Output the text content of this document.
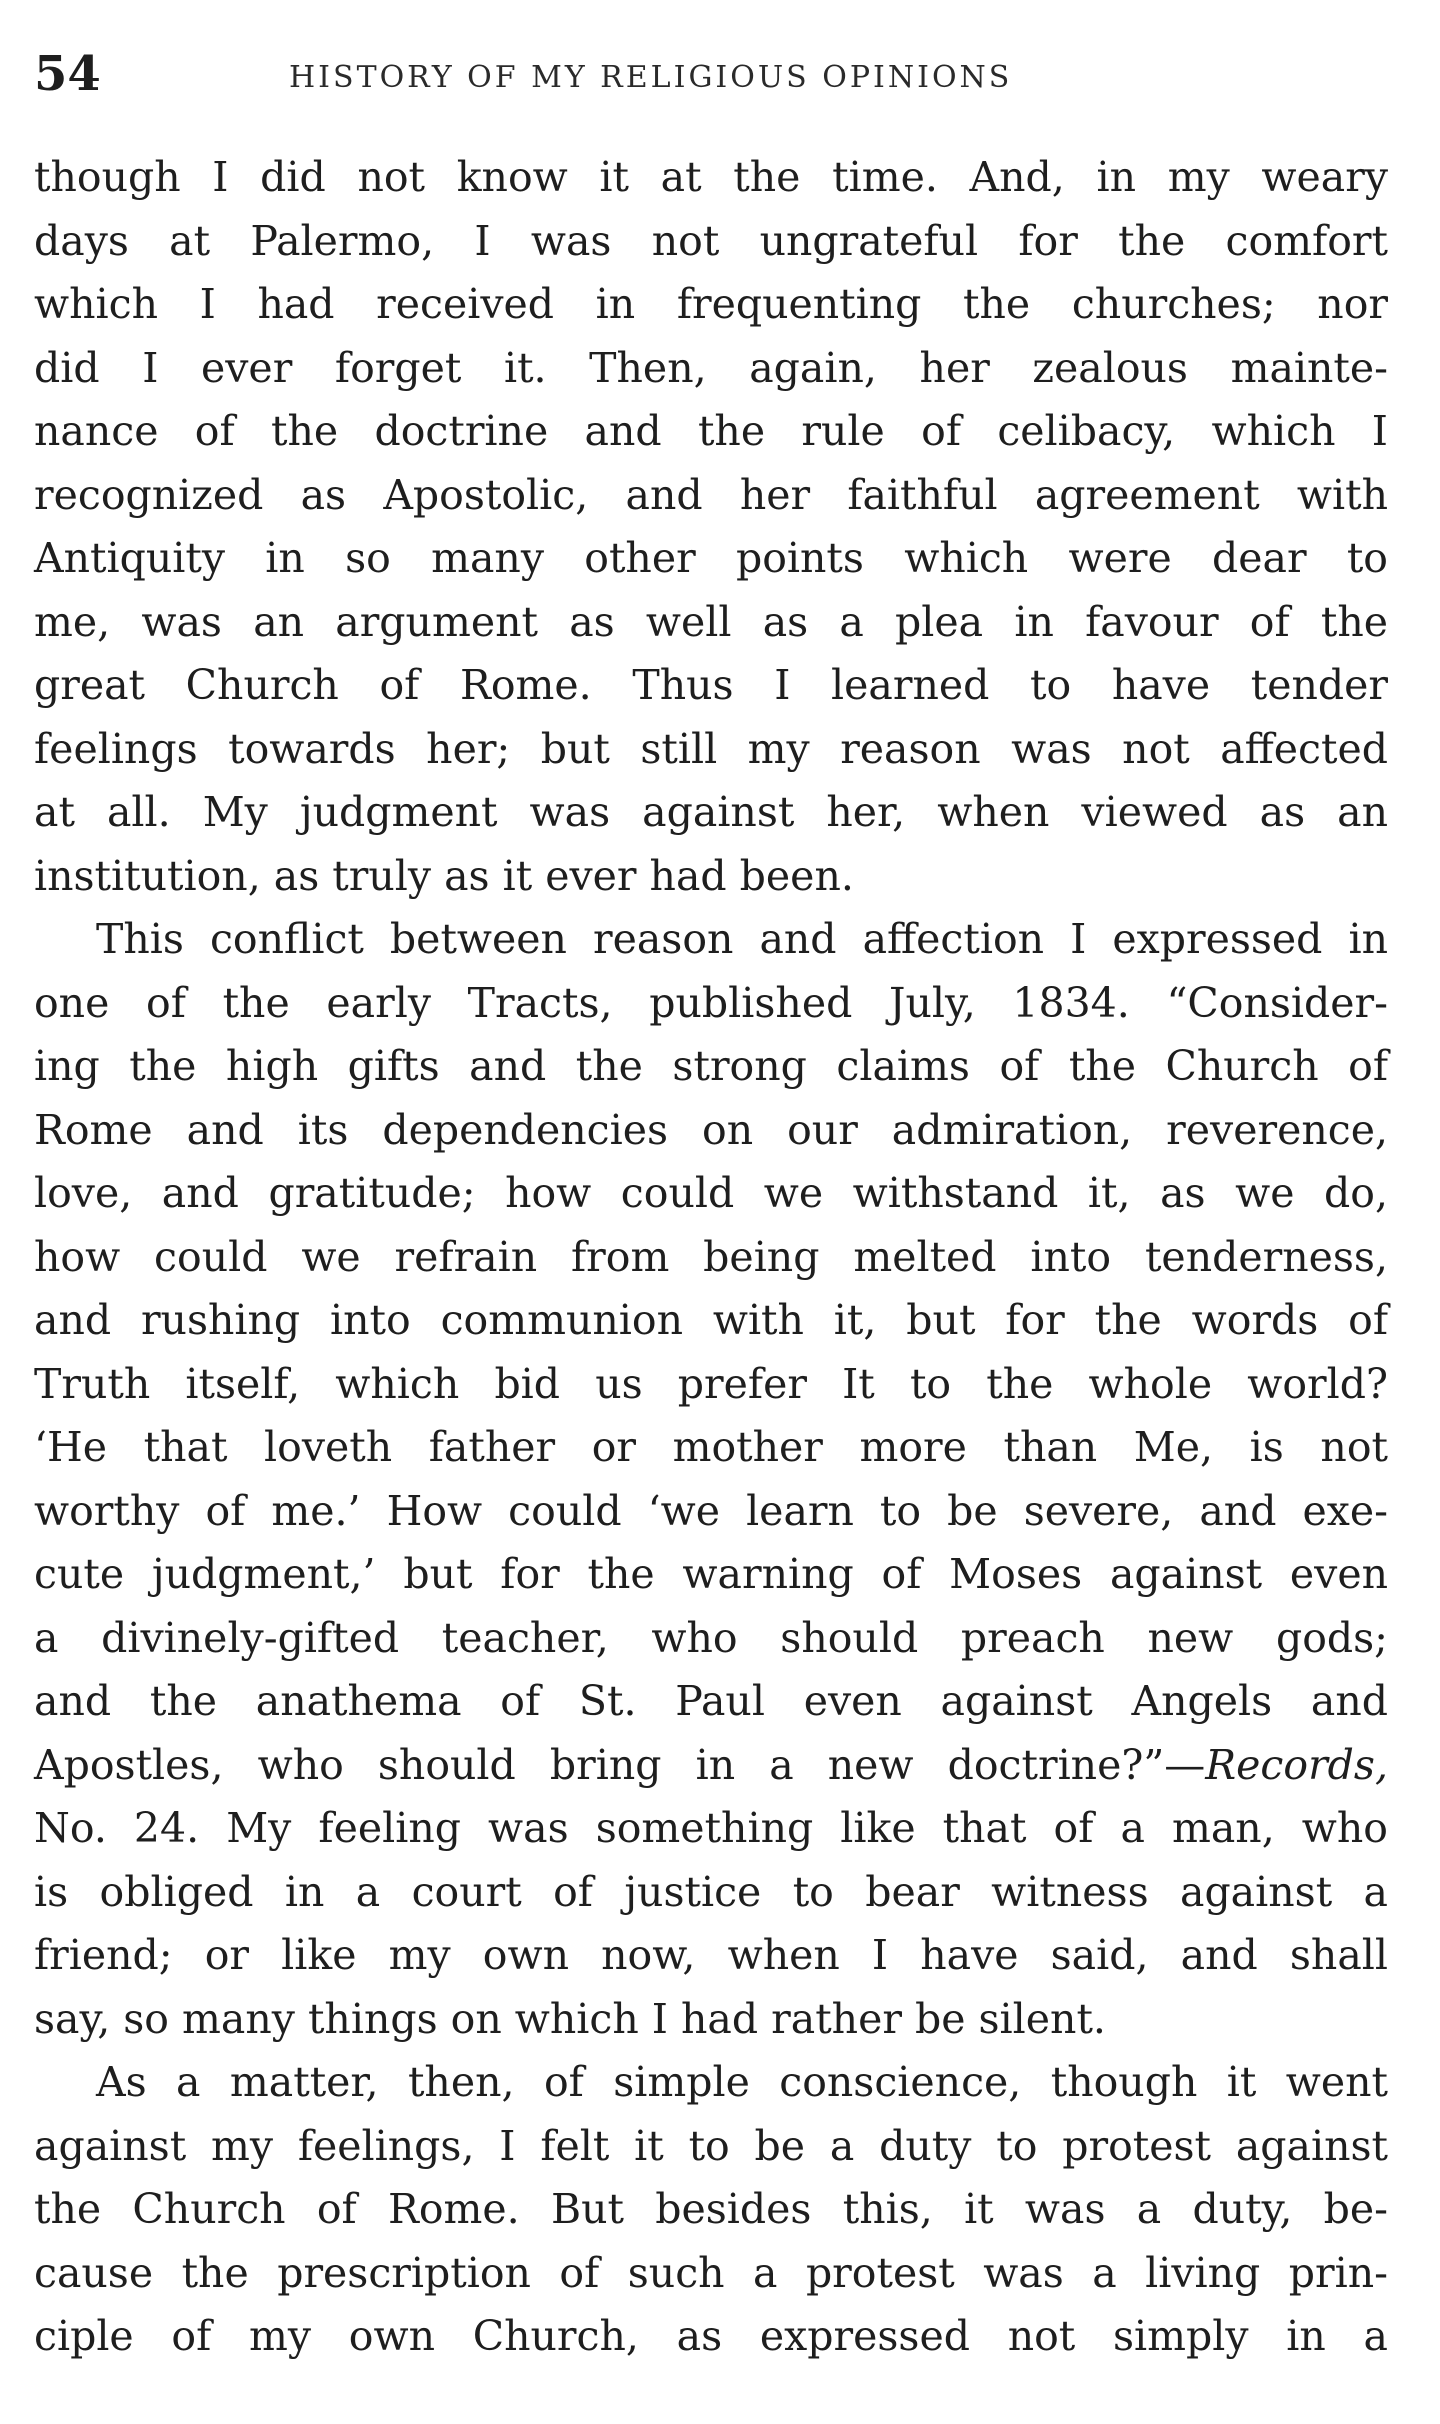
54	HISTORY OF MY RELIGIOUS OPINIONS
though I did not know it at the time. And, in my weary
days at Palermo, I was not ungrateful for the comfort
which I had received in frequenting the churches; nor
did I ever forget it. Then, again, her zealous mainte-
nance of the doctrine and the rule of celibacy, which I
recognized as Apostolic, and her faithful agreement with
Antiquity in so many other points which were dear to
me, was an argument as well as a plea in favour of the
great Church of Rome. Thus I learned to have tender
feelings towards her; but still my reason was not affected
at all. My judgment was against her, when viewed as an
institution, as truly as it ever had been.
This conflict between reason and affection I expressed in
one of the early Tracts, published July, 1834. “Consider-
ing the high gifts and the strong claims of the Church of
Rome and its dependencies on our admiration, reverence,
love, and gratitude; how could we withstand it, as we do,
how could we refrain from being melted into tenderness,
and rushing into communion with it, but for the words of
Truth itself, which bid us prefer It to the whole world?
‘He that loveth father or mother more than Me, is not
worthy of me.’ How could ‘we learn to be severe, and exe-
cute judgment,’ but for the warning of Moses against even
a divinely-gifted teacher, who should preach new gods;
and the anathema of St. Paul even against Angels and
Apostles, who should bring in a new doctrine?”—Records,
No. 24. My feeling was something like that of a man, who
is obliged in a court of justice to bear witness against a
friend; or like my own now, when I have said, and shall
say, so many things on which I had rather be silent.
As a matter, then, of simple conscience, though it went
against my feelings, I felt it to be a duty to protest against
the Church of Rome. But besides this, it was a duty, be-
cause the prescription of such a protest was a living prin-
ciple of my own Church, as expressed not simply in a
